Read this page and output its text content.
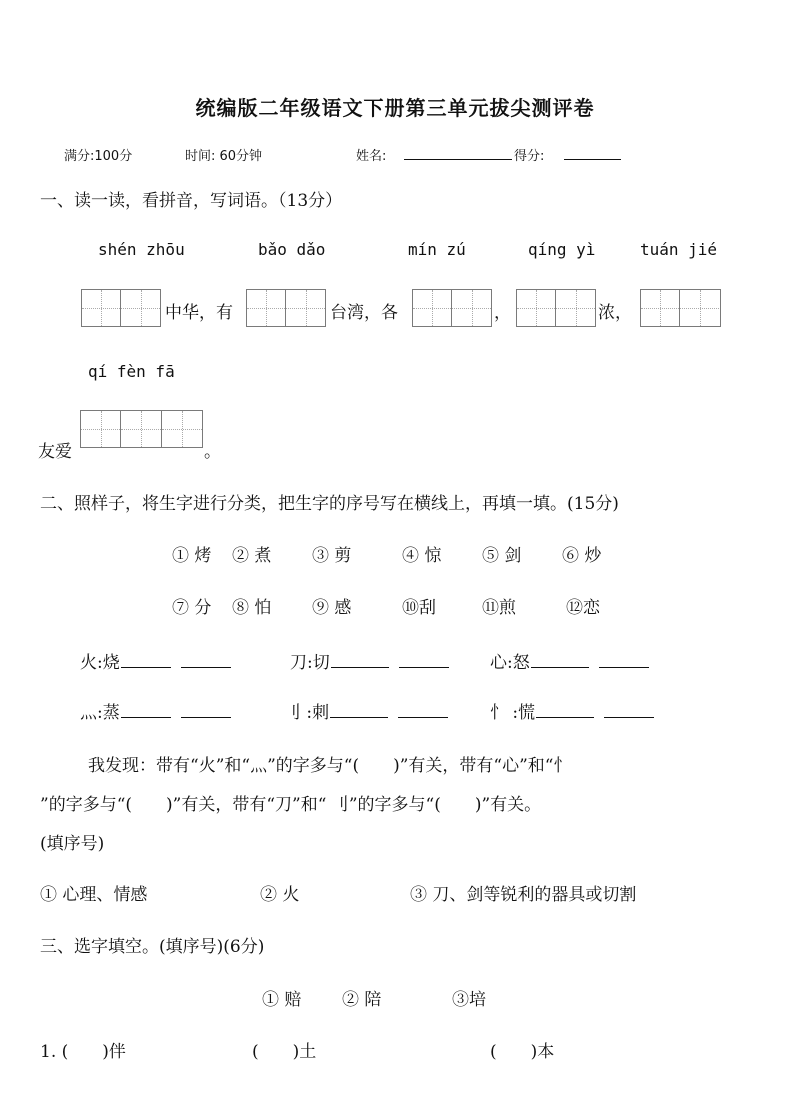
统编版二年级语文下册第三单元拔尖测评卷
满分:100分	时间: 60分钟	姓名:	得分:
一、读一读，看拼音，写词语。（13分）
shén zhōu	bǎo dǎo	mín zú	qíng yì	tuán jié
中华，有	台湾，各	，	浓，
qí fèn fā
友爱	。
二、照样子，将生字进行分类，把生字的序号写在横线上，再填一填。(15分)
① 烤 ② 煮 ③ 剪	④ 惊 ⑤ 剑 ⑥ 炒
⑦ 分 ⑧ 怕 ⑨ 感	⑩刮	⑪煎	⑫恋
火:烧	刀:切	心:怒
灬:蒸	刂 :刺	忄 :慌
我发现：带有“火”和“灬”的字多与“(　　)”有关，带有“心”和“忄
”的字多与“(　　)”有关，带有“刀”和“ 刂”的字多与“(　　)”有关。
(填序号)
① 心理、情感	② 火	③ 刀、剑等锐利的器具或切割
三、选字填空。(填序号)(6分)
① 赔 ② 陪	③培
1. (　　)伴	(　　)土	(　　)本
